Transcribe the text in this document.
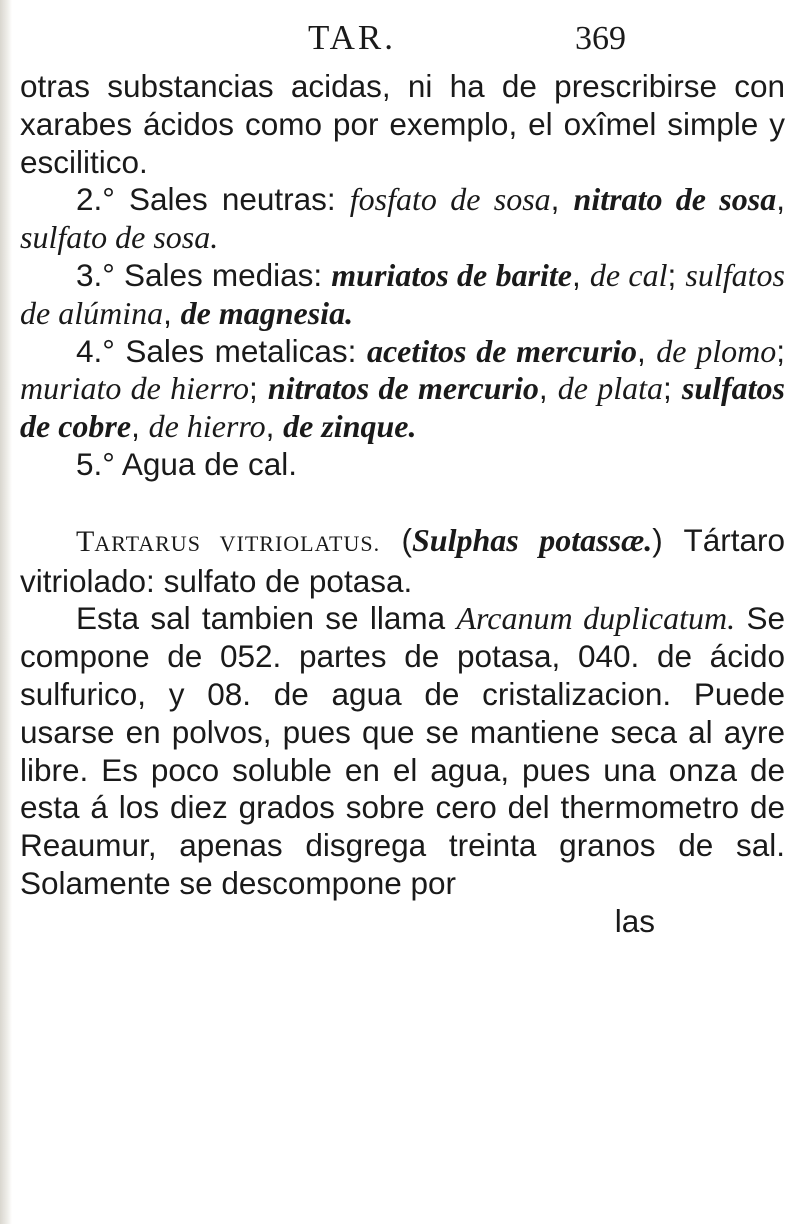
TAR.	369

otras substancias acidas, ni ha de prescribirse con xarabes ácidos como por exemplo, el oxîmel simple y escilitico.

2.° Sales neutras: fosfato de sosa, nitrato de sosa, sulfato de sosa.

3.° Sales medias: muriatos de barite, de cal; sulfatos de alúmina, de magnesia.

4.° Sales metalicas: acetitos de mercurio, de plomo; muriato de hierro; nitratos de mercurio, de plata; sulfatos de cobre, de hierro, de zinque.

5.° Agua de cal.

TARTARUS VITRIOLATUS. (Sulphas potassæ.) Tártaro vitriolado: sulfato de potasa.

Esta sal tambien se llama Arcanum duplicatum. Se compone de 052. partes de potasa, 040. de ácido sulfurico, y 08. de agua de cristalizacion. Puede usarse en polvos, pues que se mantiene seca al ayre libre. Es poco soluble en el agua, pues una onza de esta á los diez grados sobre cero del thermometro de Reaumur, apenas disgrega treinta granos de sal. Solamente se descompone por

las
